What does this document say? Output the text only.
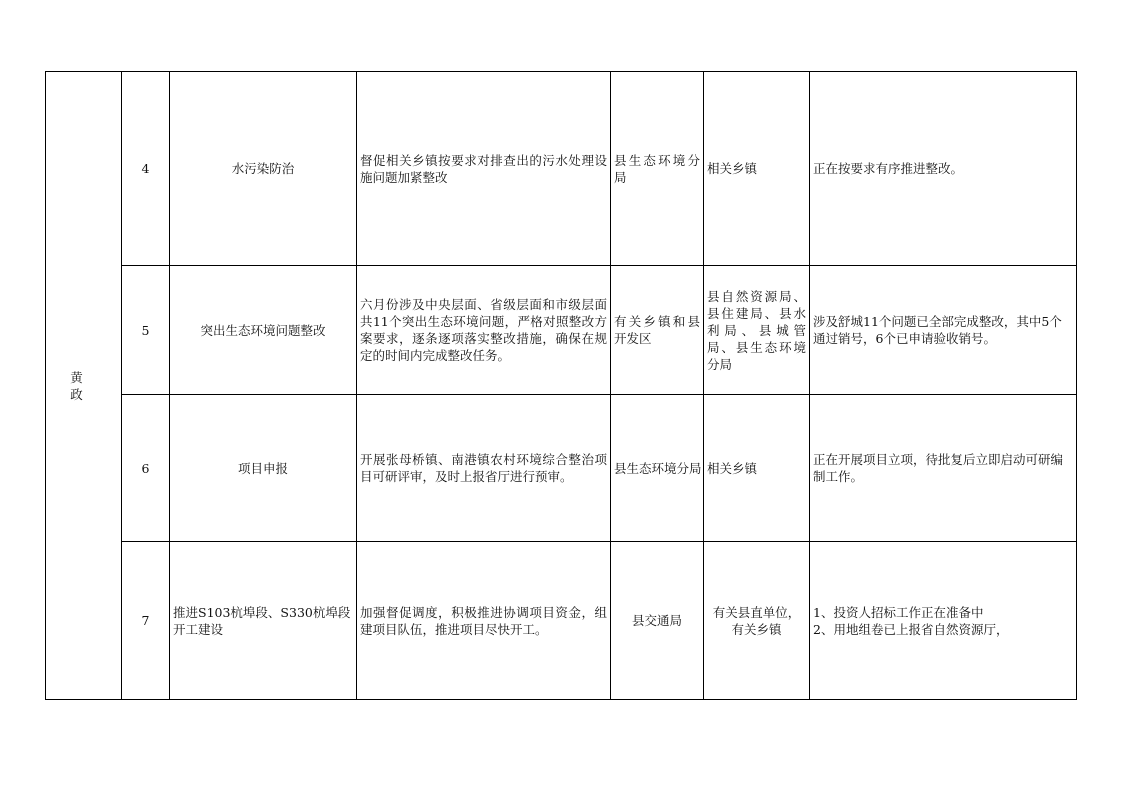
黄 政	4	水污染防治	督促相关乡镇按要求对排查出的污水处理设施问题加紧整改	县生态环境分局	相关乡镇	正在按要求有序推进整改。
	5	突出生态环境问题整改	六月份涉及中央层面、省级层面和市级层面共11个突出生态环境问题，严格对照整改方案要求，逐条逐项落实整改措施，确保在规定的时间内完成整改任务。	有关乡镇和县开发区	县自然资源局、县住建局、县水利局、县城管局、县生态环境分局	涉及舒城11个问题已全部完成整改，其中5个通过销号，6个已申请验收销号。
	6	项目申报	开展张母桥镇、南港镇农村环境综合整治项目可研评审，及时上报省厅进行预审。	县生态环境分局	相关乡镇	正在开展项目立项，待批复后立即启动可研编制工作。
	7	推进S103杭埠段、S330杭埠段开工建设	加强督促调度，积极推进协调项目资金，组建项目队伍，推进项目尽快开工。	县交通局	有关县直单位，有关乡镇	1、投资人招标工作正在准备中
2、用地组卷已上报省自然资源厅，
